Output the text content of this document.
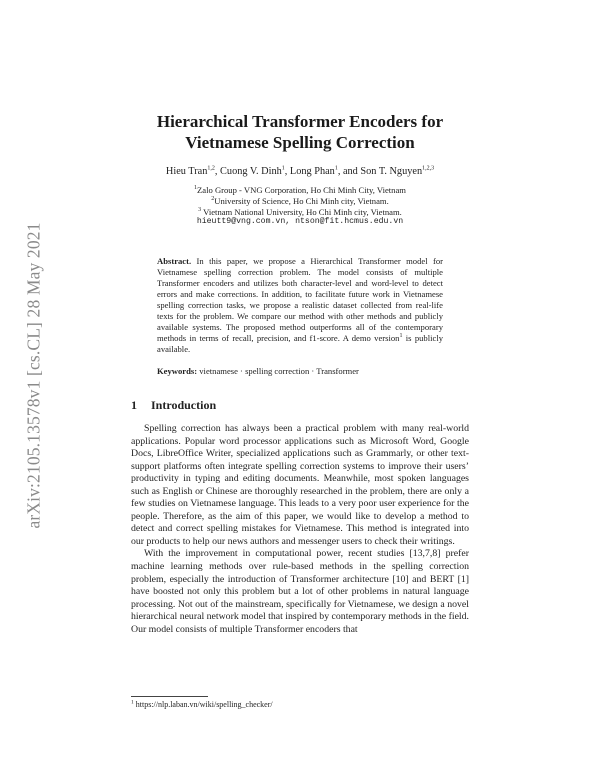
arXiv:2105.13578v1 [cs.CL] 28 May 2021
Hierarchical Transformer Encoders for
Vietnamese Spelling Correction
Hieu Tran$^{1,2}$, Cuong V. Dinh$^1$, Long Phan$^1$, and Son T. Nguyen$^{1,2,3}$
$^1$Zalo Group - VNG Corporation, Ho Chi Minh City, Vietnam
$^2$University of Science, Ho Chi Minh city, Vietnam.
$^3$ Vietnam National University, Ho Chi Minh city, Vietnam.
hieutt9@vng.com.vn, ntson@fit.hcmus.edu.vn
Abstract. In this paper, we propose a Hierarchical Transformer model for Vietnamese spelling correction problem. The model consists of multiple Transformer encoders and utilizes both character-level and word-level to detect errors and make corrections. In addition, to facilitate future work in Vietnamese spelling correction tasks, we propose a realistic dataset collected from real-life texts for the problem. We compare our method with other methods and publicly available systems. The proposed method outperforms all of the contemporary methods in terms of recall, precision, and f1-score. A demo version$^1$ is publicly available.
Keywords: vietnamese · spelling correction · Transformer
1 Introduction

Spelling correction has always been a practical problem with many real-world applications. Popular word processor applications such as Microsoft Word, Google Docs, LibreOffice Writer, specialized applications such as Grammarly, or other text-support platforms often integrate spelling correction systems to improve their users’ productivity in typing and editing documents. Meanwhile, most spoken languages such as English or Chinese are thoroughly researched in the problem, there are only a few studies on Vietnamese language. This leads to a very poor user experience for the people. Therefore, as the aim of this paper, we would like to develop a method to detect and correct spelling mistakes for Vietnamese. This method is integrated into our products to help our news authors and messenger users to check their writings.

With the improvement in computational power, recent studies [13,7,8] prefer machine learning methods over rule-based methods in the spelling correction problem, especially the introduction of Transformer architecture [10] and BERT [1] have boosted not only this problem but a lot of other problems in natural language processing. Not out of the mainstream, specifically for Vietnamese, we design a novel hierarchical neural network model that inspired by contemporary methods in the field. Our model consists of multiple Transformer encoders that

$^1$ https://nlp.laban.vn/wiki/spelling_checker/
